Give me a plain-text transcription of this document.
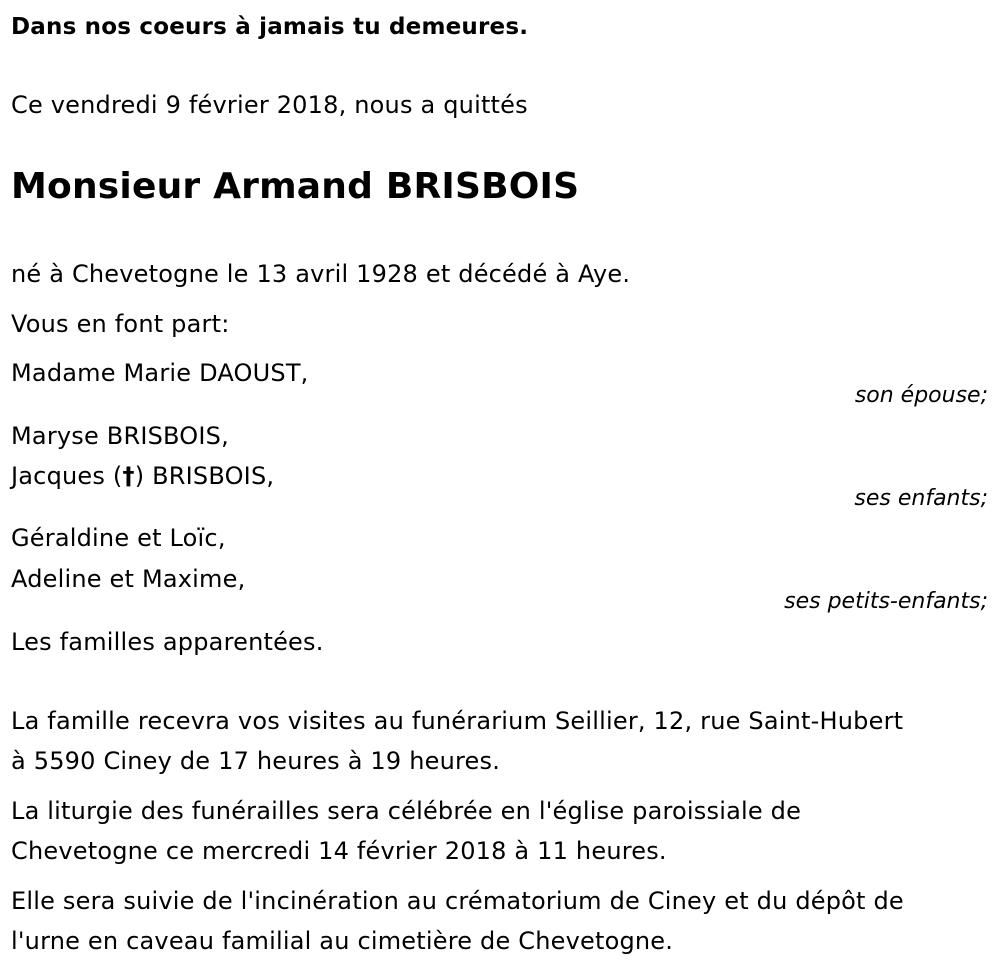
Dans nos coeurs à jamais tu demeures.

Ce vendredi 9 février 2018, nous a quittés

Monsieur Armand BRISBOIS

né à Chevetogne le 13 avril 1928 et décédé à Aye.

Vous en font part:

Madame Marie DAOUST,

son épouse;

Maryse BRISBOIS,

Jacques (†) BRISBOIS,

ses enfants;

Géraldine et Loïc,

Adeline et Maxime,

ses petits-enfants;

Les familles apparentées.

La famille recevra vos visites au funérarium Seillier, 12, rue Saint-Hubert

à 5590 Ciney de 17 heures à 19 heures.

La liturgie des funérailles sera célébrée en l'église paroissiale de

Chevetogne ce mercredi 14 février 2018 à 11 heures.

Elle sera suivie de l'incinération au crématorium de Ciney et du dépôt de

l'urne en caveau familial au cimetière de Chevetogne.
